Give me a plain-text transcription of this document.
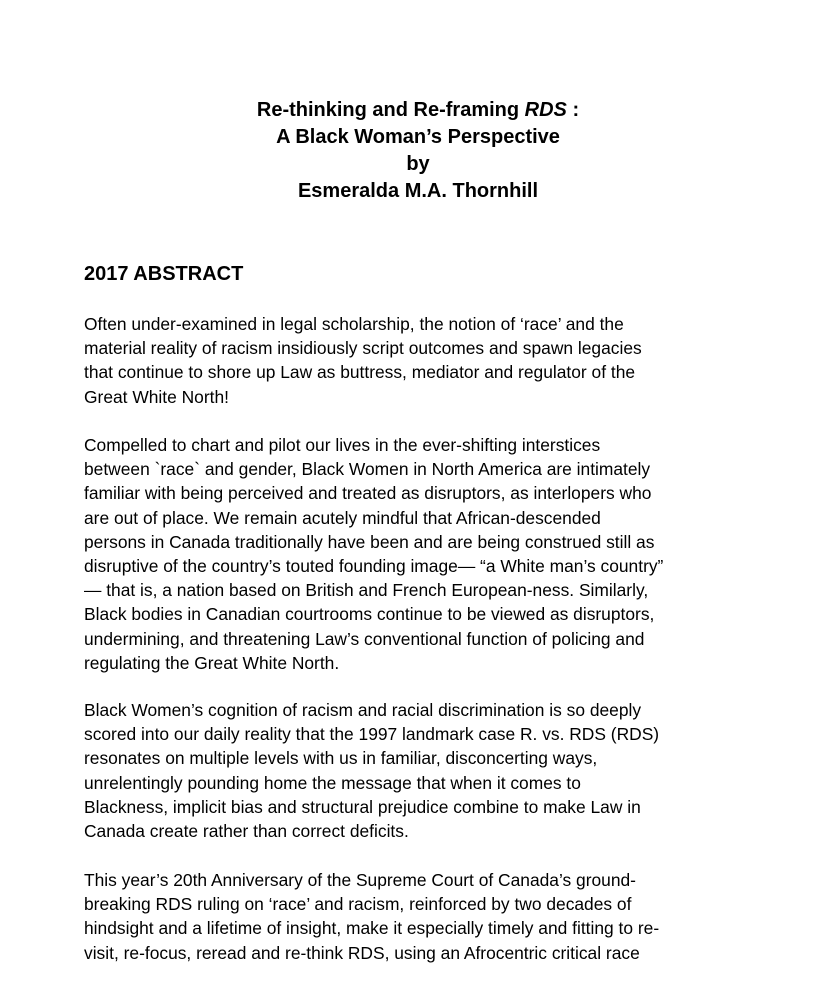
Re-thinking and Re-framing RDS :
A Black Woman’s Perspective
by
Esmeralda M.A. Thornhill
2017 ABSTRACT
Often under-examined in legal scholarship, the notion of ‘race’ and the
material reality of racism insidiously script outcomes and spawn legacies
that continue to shore up Law as buttress, mediator and regulator of the
Great White North!
Compelled to chart and pilot our lives in the ever-shifting interstices
between `race` and gender, Black Women in North America are intimately
familiar with being perceived and treated as disruptors, as interlopers who
are out of place. We remain acutely mindful that African-descended
persons in Canada traditionally have been and are being construed still as
disruptive of the country’s touted founding image— “a White man’s country”
— that is, a nation based on British and French European-ness. Similarly,
Black bodies in Canadian courtrooms continue to be viewed as disruptors,
undermining, and threatening Law’s conventional function of policing and
regulating the Great White North.
Black Women’s cognition of racism and racial discrimination is so deeply
scored into our daily reality that the 1997 landmark case R. vs. RDS (RDS)
resonates on multiple levels with us in familiar, disconcerting ways,
unrelentingly pounding home the message that when it comes to
Blackness, implicit bias and structural prejudice combine to make Law in
Canada create rather than correct deficits.
This year’s 20th Anniversary of the Supreme Court of Canada’s ground-
breaking RDS ruling on ‘race’ and racism, reinforced by two decades of
hindsight and a lifetime of insight, make it especially timely and fitting to re-
visit, re-focus, reread and re-think RDS, using an Afrocentric critical race
